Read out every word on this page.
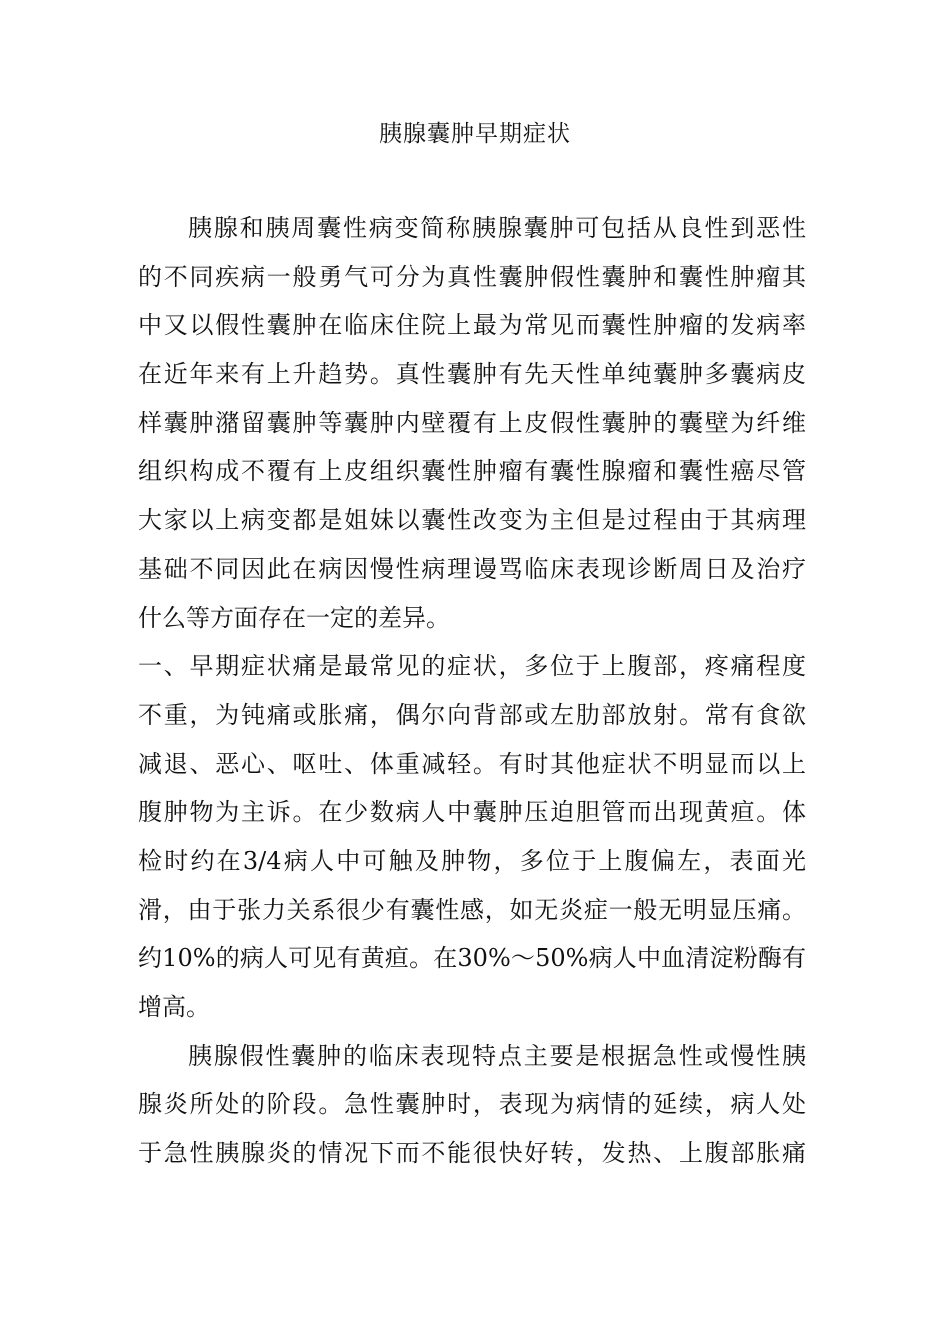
胰腺囊肿早期症状
胰腺和胰周囊性病变简称胰腺囊肿可包括从良性到恶性
的不同疾病一般勇气可分为真性囊肿假性囊肿和囊性肿瘤其
中又以假性囊肿在临床住院上最为常见而囊性肿瘤的发病率
在近年来有上升趋势。真性囊肿有先天性单纯囊肿多囊病皮
样囊肿潴留囊肿等囊肿内壁覆有上皮假性囊肿的囊壁为纤维
组织构成不覆有上皮组织囊性肿瘤有囊性腺瘤和囊性癌尽管
大家以上病变都是姐妹以囊性改变为主但是过程由于其病理
基础不同因此在病因慢性病理谩骂临床表现诊断周日及治疗
什么等方面存在一定的差异。
一、早期症状痛是最常见的症状，多位于上腹部，疼痛程度
不重，为钝痛或胀痛，偶尔向背部或左肋部放射。常有食欲
减退、恶心、呕吐、体重减轻。有时其他症状不明显而以上
腹肿物为主诉。在少数病人中囊肿压迫胆管而出现黄疸。体
检时约在3/4病人中可触及肿物，多位于上腹偏左，表面光
滑，由于张力关系很少有囊性感，如无炎症一般无明显压痛。
约10%的病人可见有黄疸。在30%～50%病人中血清淀粉酶有
增高。
胰腺假性囊肿的临床表现特点主要是根据急性或慢性胰
腺炎所处的阶段。急性囊肿时，表现为病情的延续，病人处
于急性胰腺炎的情况下而不能很快好转，发热、上腹部胀痛
